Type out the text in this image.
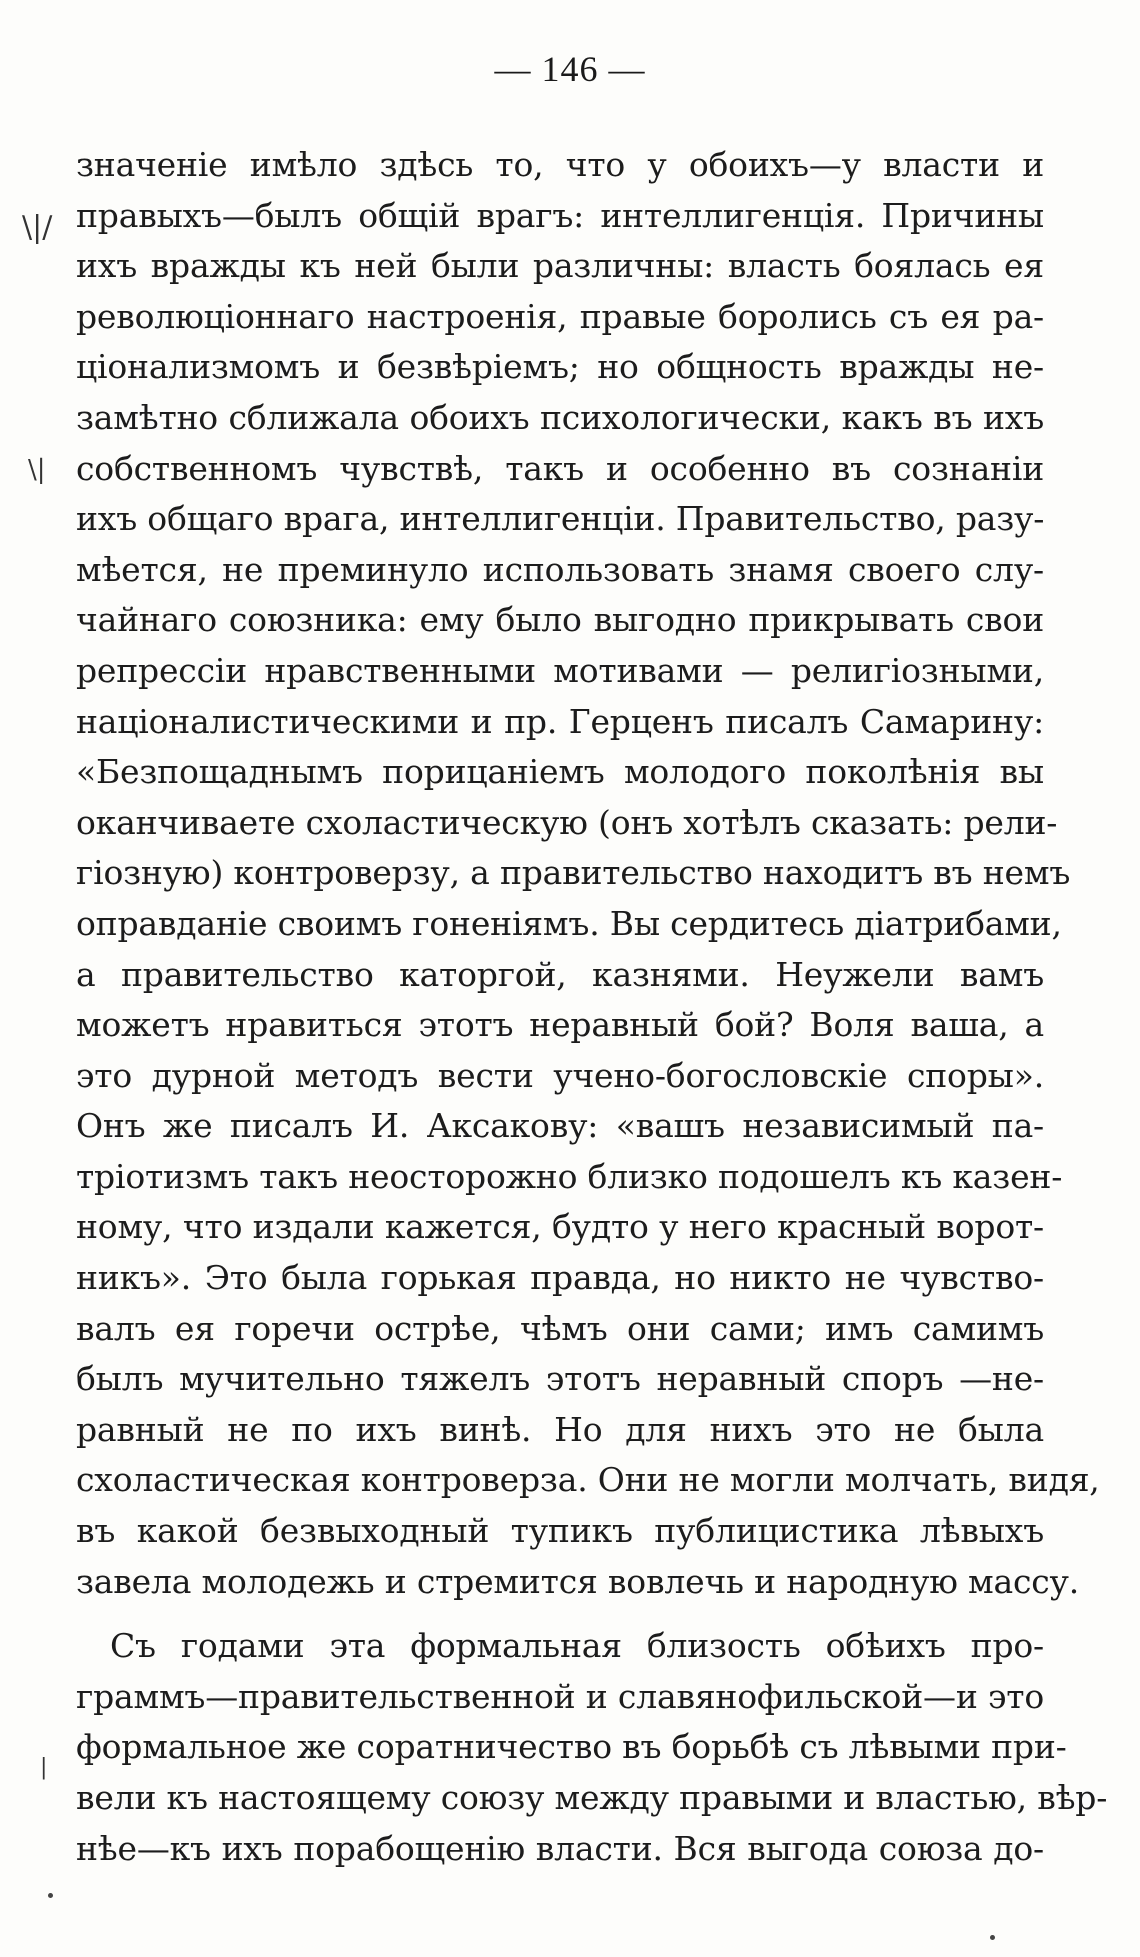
— 146 —
\|/
\|
|
значеніе имѣло здѣсь то, что у обоихъ—у власти и
правыхъ—былъ общій врагъ: интеллигенція. Причины
ихъ вражды къ ней были различны: власть боялась ея
революціоннаго настроенія, правые боролись съ ея ра-
ціонализмомъ и безвѣріемъ; но общность вражды не-
замѣтно сближала обоихъ психологически, какъ въ ихъ
собственномъ чувствѣ, такъ и особенно въ сознаніи
ихъ общаго врага, интеллигенціи. Правительство, разу-
мѣется, не преминуло использовать знамя своего слу-
чайнаго союзника: ему было выгодно прикрывать свои
репрессіи нравственными мотивами — религіозными,
націоналистическими и пр. Герценъ писалъ Самарину:
«Безпощаднымъ порицаніемъ молодого поколѣнія вы
оканчиваете схоластическую (онъ хотѣлъ сказать: рели-
гіозную) контроверзу, а правительство находитъ въ немъ
оправданіе своимъ гоненіямъ. Вы сердитесь діатрибами,
а правительство каторгой, казнями. Неужели вамъ
можетъ нравиться этотъ неравный бой? Воля ваша, а
это дурной методъ вести учено-богословскіе споры».
Онъ же писалъ И. Аксакову: «вашъ независимый па-
тріотизмъ такъ неосторожно близко подошелъ къ казен-
ному, что издали кажется, будто у него красный ворот-
никъ». Это была горькая правда, но никто не чувство-
валъ ея горечи острѣе, чѣмъ они сами; имъ самимъ
былъ мучительно тяжелъ этотъ неравный споръ —не-
равный не по ихъ винѣ. Но для нихъ это не была
схоластическая контроверза. Они не могли молчать, видя,
въ какой безвыходный тупикъ публицистика лѣвыхъ
завела молодежь и стремится вовлечь и народную массу.
Съ годами эта формальная близость обѣихъ про-
граммъ—правительственной и славянофильской—и это
формальное же соратничество въ борьбѣ съ лѣвыми при-
вели къ настоящему союзу между правыми и властью, вѣр-
нѣе—къ ихъ порабощенію власти. Вся выгода союза до-
